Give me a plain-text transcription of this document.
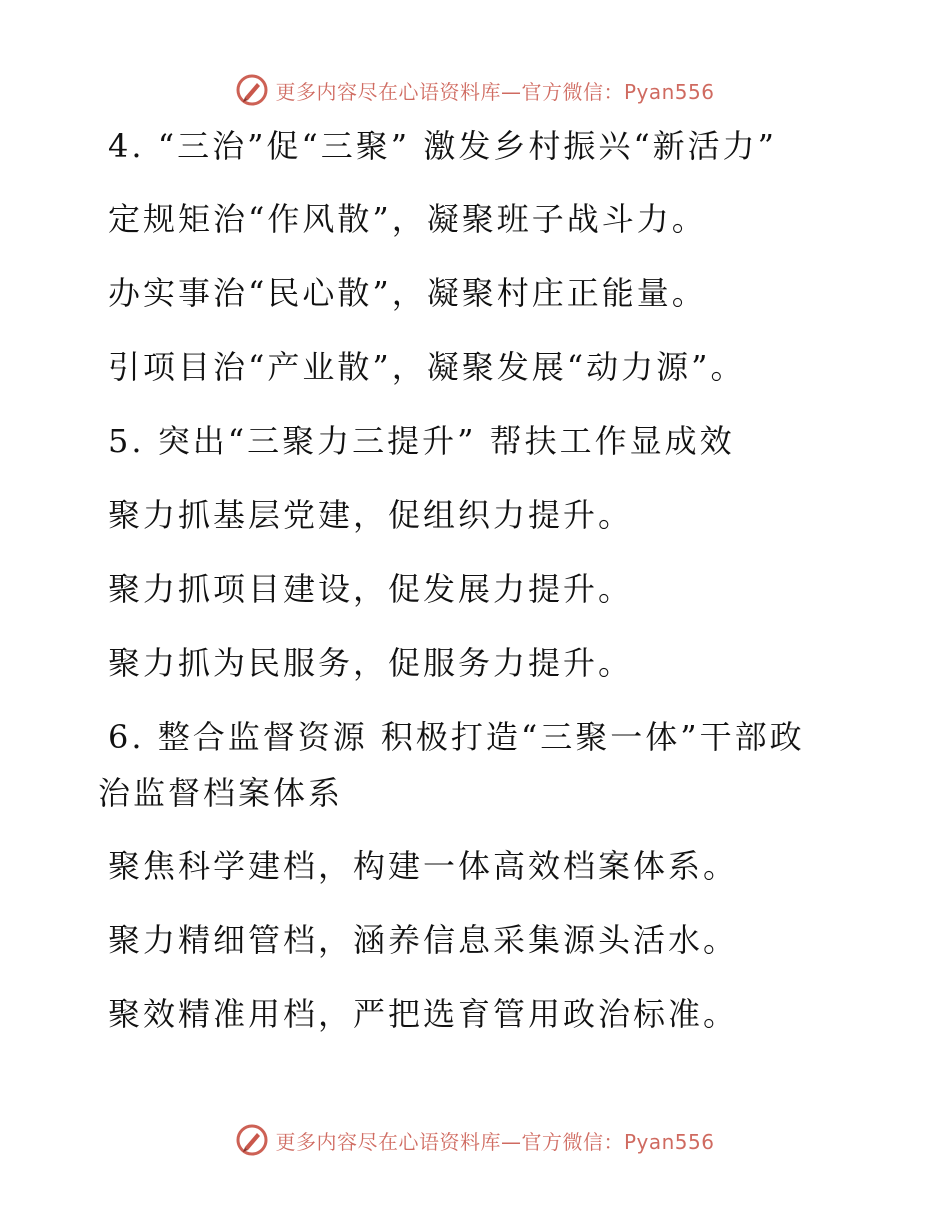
更多内容尽在心语资料库—官方微信：Pyan556

4. “三治”促“三聚” 激发乡村振兴“新活力”

定规矩治“作风散”，凝聚班子战斗力。

办实事治“民心散”，凝聚村庄正能量。

引项目治“产业散”，凝聚发展“动力源”。

5. 突出“三聚力三提升” 帮扶工作显成效

聚力抓基层党建，促组织力提升。

聚力抓项目建设，促发展力提升。

聚力抓为民服务，促服务力提升。

6. 整合监督资源 积极打造“三聚一体”干部政治监督档案体系

聚焦科学建档，构建一体高效档案体系。

聚力精细管档，涵养信息采集源头活水。

聚效精准用档，严把选育管用政治标准。

更多内容尽在心语资料库—官方微信：Pyan556
